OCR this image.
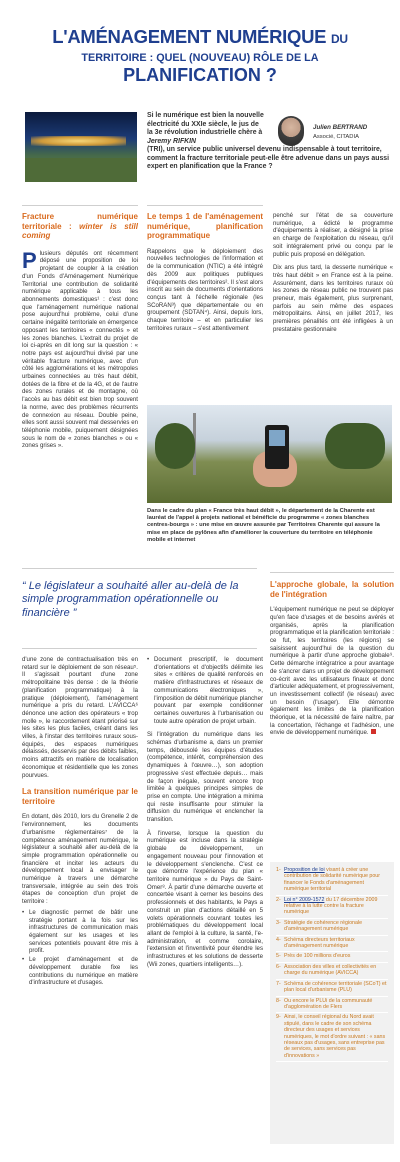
L'AMÉNAGEMENT NUMÉRIQUE DU
TERRITOIRE : QUEL (NOUVEAU) RÔLE DE LA
PLANIFICATION ?
Julien BERTRAND
Associé, CITADIA
Si le numérique est bien la nouvelle électricité du XXIe siècle, le jus de la 3e révolution industrielle chère à Jeremy RIFKIN
(TRI), un service public universel devenu indispensable à tout territoire, comment la fracture territoriale peut-elle être advenue dans un pays aussi expert en planification que la France ?
Fracture numérique territoriale : winter is still coming
Plusieurs députés ont récemment déposé une proposition de loi projetant de coupler à la création d'un Fonds d'Aménagement Numérique Territorial une contribution de solidarité numérique applicable à tous les abonnements domestiques¹ : c'est donc que l'aménagement numérique national pose aujourd'hui problème, celui d'une certaine inégalité territoriale en émergence opposant les territoires « connectés » et les zones blanches. L'extrait du projet de loi ci-après en dit long sur la question : « notre pays est aujourd'hui divisé par une véritable fracture numérique, avec d'un côté les agglomérations et les métropoles urbaines connectées au très haut débit, dotées de la fibre et de la 4G, et de l'autre des zones rurales et de montagne, où l'accès au bas débit est bien trop souvent la norme, avec des problèmes récurrents de connexion au réseau. Double peine, elles sont aussi souvent mal desservies en téléphonie mobile, puiquement désignées sous le nom de « zones blanches » ou « zones grises ».
Le temps 1 de l'aménagement numérique, planification programmatique
Rappelons que le déploiement des nouvelles technologies de l'information et de la communication (NTIC) a été intégré dès 2009 aux politiques publiques d'équipements des territoires². Il s'est alors inscrit au sein de documents d'orientations conçus tant à l'échelle régionale (les SCoRAN³) que départementale ou en groupement (SDTAN⁴). Ainsi, depuis lors, chaque territoire – et en particulier les territoires ruraux – s'est attentivement
penché sur l'état de sa couverture numérique, a édicté le programme d'équipements à réaliser, a désigné la prise en charge de l'exploitation du réseau, qu'il soit intégralement privé ou conçu par le public puis proposé en délégation.
Dix ans plus tard, la desserte numérique « très haut débit » en France est à la peine. Assurément, dans les territoires ruraux où les zones de réseau public ne trouvent pas preneur, mais également, plus surprenant, parfois au sein même des espaces métropolitains. Ainsi, en juillet 2017, les premières pénalités ont été infligées à un prestataire gestionnaire
Dans le cadre du plan « France très haut débit », le département de la Charente est lauréat de l'appel à projets national et bénéficie du programme « zones blanches centres-bourgs » : une mise en œuvre assurée par Territoires Charente qui assure la mise en place de pylônes afin d'améliorer la couverture du territoire en téléphonie mobile et internet
“ Le législateur a souhaité aller au-delà de la simple programmation opérationnelle ou financière ”
d'une zone de contractualisation très en retard sur le déploiement de son réseau⁵. Il s'agissait pourtant d'une zone métropolitaine très dense : de la théorie (planification programmatique) à la pratique (déploiement), l'aménagement numérique a pris du retard. L'AVICCA⁶ dénonce une action des opérateurs « trop molle », le raccordement étant priorisé sur les sites les plus faciles, créant dans les villes, à l'instar des territoires ruraux sous-équipés, des espaces numériques délaissés, desservis par des débits faibles, moins attractifs en matière de localisation économique et résidentielle que les zones pourvues.
La transition numérique par le territoire
En dotant, dès 2010, lors du Grenelle 2 de l'environnement, les documents d'urbanisme réglementaires⁷ de la compétence aménagement numérique, le législateur a souhaité aller au-delà de la simple programmation opérationnelle ou financière et inciter les acteurs du développement local à envisager le numérique à travers une démarche transversale, intégrée au sein des trois étapes de conception d'un projet de territoire :
• Le diagnostic permet de bâtir une stratégie portant à la fois sur les infrastructures de communication mais également sur les usages et les services potentiels pouvant être mis à profit.
• Le projet d'aménagement et de développement durable fixe les contributions du numérique en matière d'infrastructure et d'usages.
• Document prescriptif, le document d'orientations et d'objectifs délimite les sites « critères de qualité renforcés en matière d'infrastructures et réseaux de communications électroniques », l'imposition de débit numérique plancher pouvant par exemple conditionner certaines ouvertures à l'urbanisation ou toute autre opération de projet urbain.
Si l'intégration du numérique dans les schémas d'urbanisme a, dans un premier temps, débousolé les équipes d'études (compétence, intérêt, compréhension des dynamiques à l'œuvre…), son adoption progressive s'est effectuée depuis… mais de façon inégale, souvent encore trop limitée à quelques principes simples de prise en compte. Une intégration a minima qui reste insuffisante pour stimuler la diffusion du numérique et enclencher la transition.
À l'inverse, lorsque la question du numérique est incluse dans la stratégie globale de développement, un engagement nouveau pour l'innovation et le développement s'enclenche. C'est ce que démontre l'expérience du plan « territoire numérique » du Pays de Saint-Omer⁸. À partir d'une démarche ouverte et concertée visant à cerner les besoins des professionnels et des habitants, le Pays a construit un plan d'actions détaillé en 5 volets opérationnels couvrant toutes les problématiques du développement local allant de l'emploi à la culture, la santé, l'e-administration, et comme corolaire, l'extension et l'inventivité pour étendre les infrastructures et les solutions de desserte (Wii zones, quartiers intelligents…).
L'approche globale, la solution de l'intégration
L'équipement numérique ne peut se déployer qu'en face d'usages et de besoins avérés et organisés, après la planification programmatique et la planification territoriale : ce fut, les territoires (les régions) se saisissent aujourd'hui de la question du numérique à partir d'une approche globale⁹. Cette démarche intégratrice a pour avantage de s'ancrer dans un projet de développement co-écrit avec les utilisateurs finaux et donc d'articuler adéquatement, et progressivement, un investissement collectif (le réseau) avec un besoin (l'usager). Elle démontre également les limites de la planification théorique, et la nécessité de faire naître, par la concertation, l'échange et l'adhésion, une envie de développement numérique.
1- Proposition de loi visant à créer une contribution de solidarité numérique pour financer le Fonds d'aménagement numérique territorial
2- Loi n° 2009-1572 du 17 décembre 2009 relative à la lutte contre la fracture numérique
3- Stratégie de cohérence régionale d'aménagement numérique
4- Schéma directeurs territoriaux d'aménagement numérique
5- Près de 100 millions d'euros
6- Association des villes et collectivités en charge du numérique (AVICCA)
7- Schéma de cohérence territoriale (SCoT) et plan local d'urbanisme (PLU)
8- Ou encore le PLUi de la communauté d'agglomération de Flers
9- Ainsi, le conseil régional du Nord avait stipulé, dans le cadre de son schéma directeur des usages et services numériques, le mot d'ordre suivant : « sans réseaux pas d'usages, sans entreprise pas de services, sans services pas d'innovations »
